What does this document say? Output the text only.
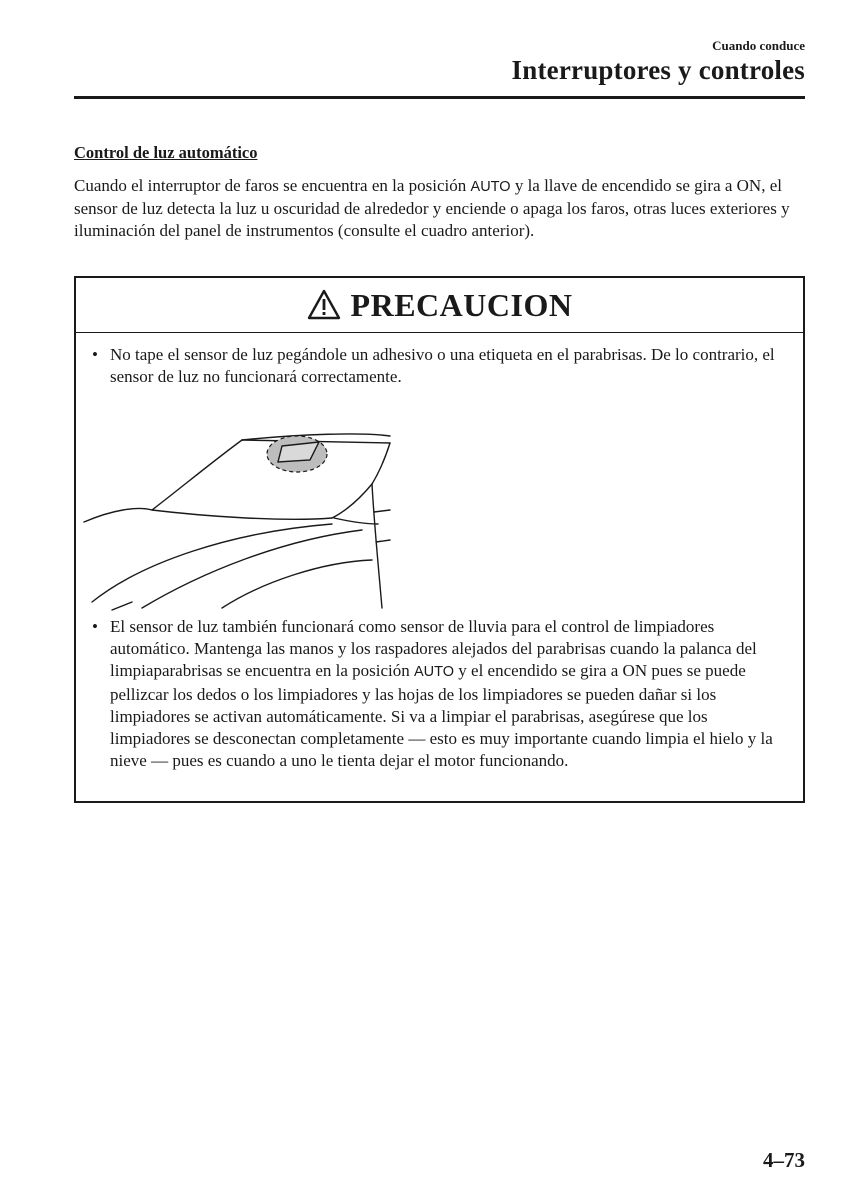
Cuando conduce
Interruptores y controles
Control de luz automático

Cuando el interruptor de faros se encuentra en la posición AUTO y la llave de encendido se gira a ON, el sensor de luz detecta la luz u oscuridad de alrededor y enciende o apaga los faros, otras luces exteriores y iluminación del panel de instrumentos (consulte el cuadro anterior).

PRECAUCION
• No tape el sensor de luz pegándole un adhesivo o una etiqueta en el parabrisas. De lo contrario, el sensor de luz no funcionará correctamente.
• El sensor de luz también funcionará como sensor de lluvia para el control de limpiadores automático. Mantenga las manos y los raspadores alejados del parabrisas cuando la palanca del limpiaparabrisas se encuentra en la posición AUTO y el encendido se gira a ON pues se puede pellizcar los dedos o los limpiadores y las hojas de los limpiadores se pueden dañar si los limpiadores se activan automáticamente. Si va a limpiar el parabrisas, asegúrese que los limpiadores se desconectan completamente — esto es muy importante cuando limpia el hielo y la nieve — pues es cuando a uno le tienta dejar el motor funcionando.
4–73
